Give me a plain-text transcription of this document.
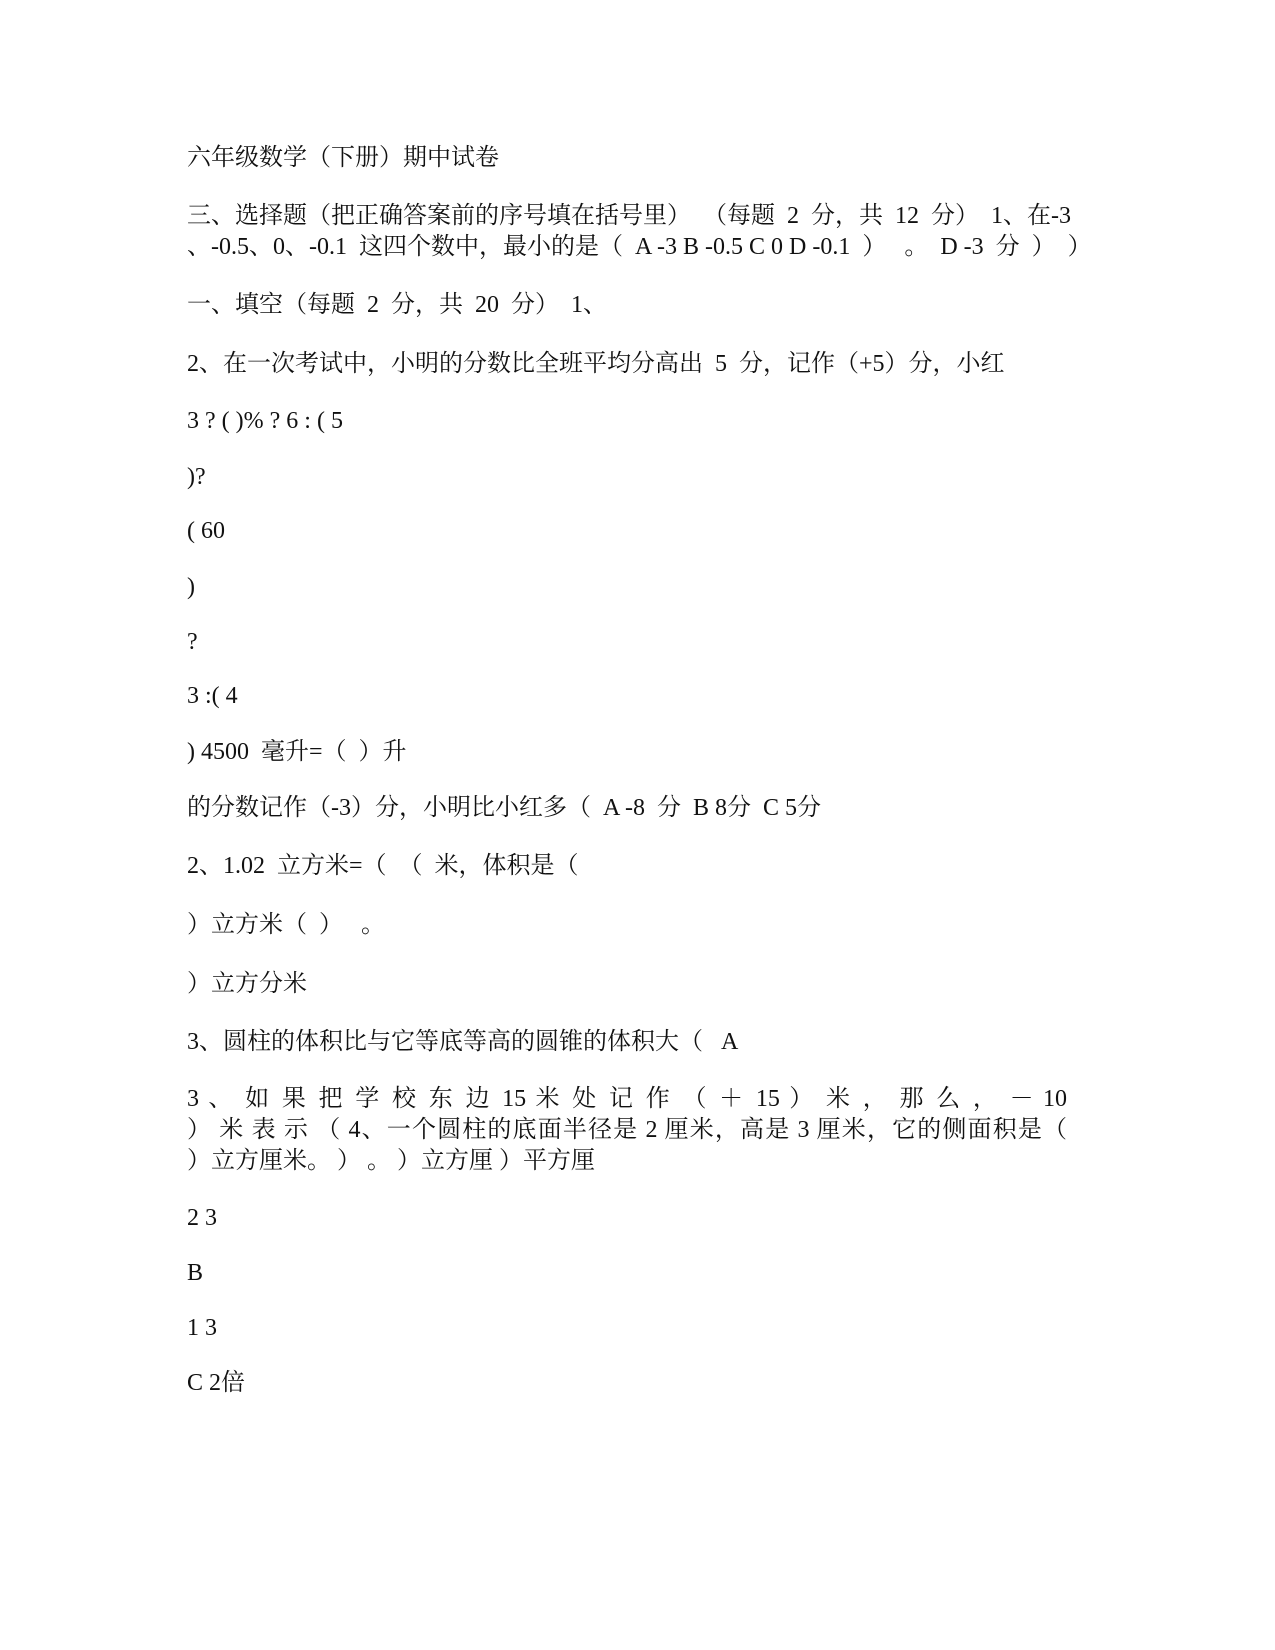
六年级数学（下册）期中试卷

三、选择题（把正确答案前的序号填在括号里）  （每题  2  分，共  12  分）  1、在-3
、-0.5、0、-0.1  这四个数中，最小的是（  A -3 B -0.5 C 0 D -0.1  ）   。  D -3  分  ）  ）

一、填空（每题  2  分，共  20  分）  1、

2、在一次考试中，小明的分数比全班平均分高出  5  分，记作（+5）分，小红

3 ? ( )% ? 6 : ( 5

)?

( 60

)

?

3 :( 4

) 4500  毫升=（  ）升

的分数记作（-3）分，小明比小红多（  A -8  分  B 8分  C 5分

2、1.02  立方米=（  （  米，体积是（

）立方米（  ）   。

）立方分米

3、圆柱的体积比与它等底等高的圆锥的体积大（   A

3 、 如 果 把 学 校 东 边 15 米 处 记 作 （ ＋ 15 ） 米 ， 那 么 ， － 10
） 米 表 示 （ 4、一个圆柱的底面半径是 2 厘米，高是 3 厘米，它的侧面积是（
）立方厘米。 ） 。 ）立方厘 ）平方厘

2 3

B

1 3

C 2倍
